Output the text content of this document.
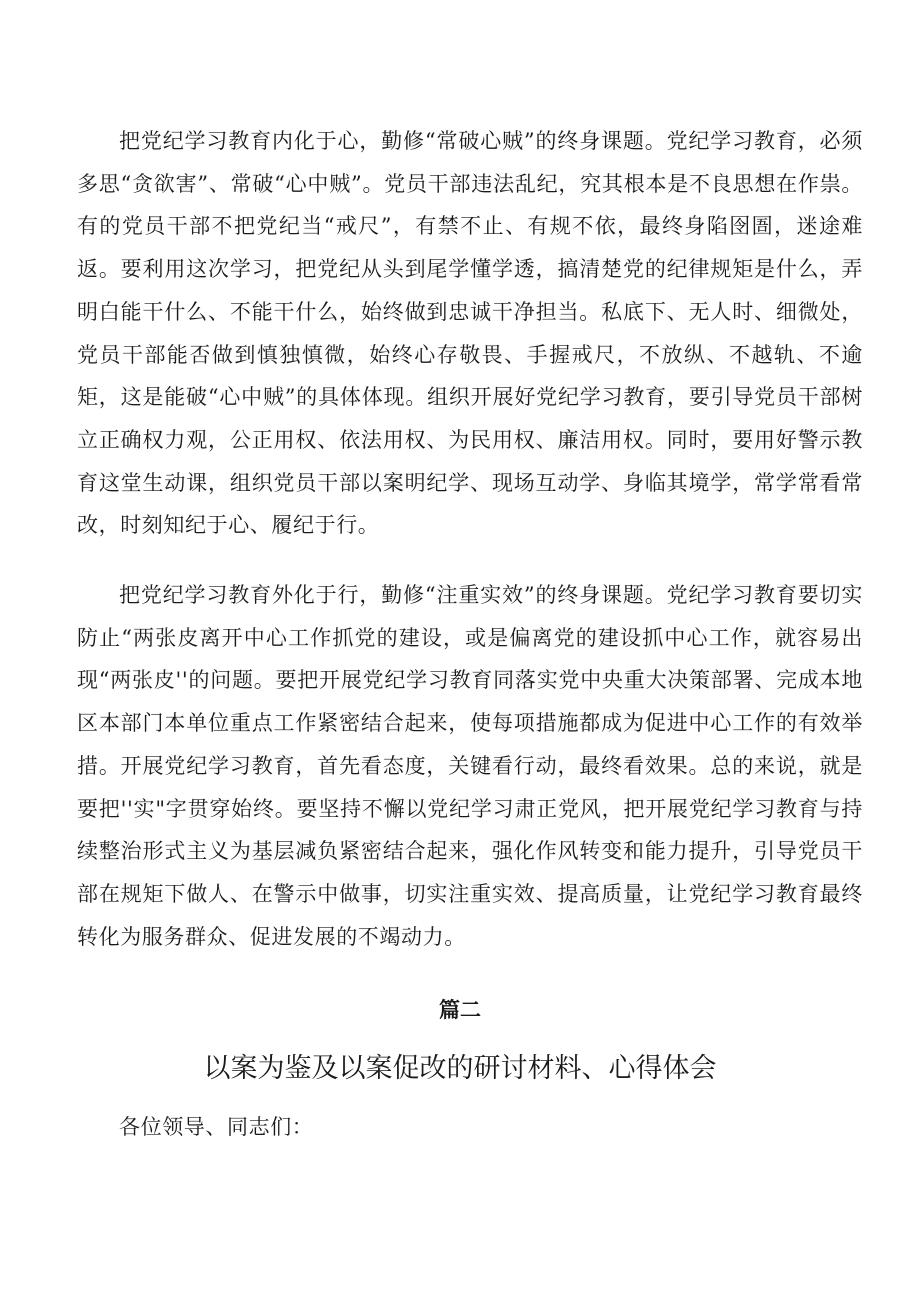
把党纪学习教育内化于心，勤修“常破心贼”的终身课题。党纪学习教育，必须多思“贪欲害”、常破“心中贼”。党员干部违法乱纪，究其根本是不良思想在作祟。有的党员干部不把党纪当“戒尺”，有禁不止、有规不依，最终身陷囹圄，迷途难返。要利用这次学习，把党纪从头到尾学懂学透，搞清楚党的纪律规矩是什么，弄明白能干什么、不能干什么，始终做到忠诚干净担当。私底下、无人时、细微处，党员干部能否做到慎独慎微，始终心存敬畏、手握戒尺，不放纵、不越轨、不逾矩，这是能破“心中贼”的具体体现。组织开展好党纪学习教育，要引导党员干部树立正确权力观，公正用权、依法用权、为民用权、廉洁用权。同时，要用好警示教育这堂生动课，组织党员干部以案明纪学、现场互动学、身临其境学，常学常看常改，时刻知纪于心、履纪于行。

把党纪学习教育外化于行，勤修“注重实效”的终身课题。党纪学习教育要切实防止“两张皮离开中心工作抓党的建设，或是偏离党的建设抓中心工作，就容易出现“两张皮''的问题。要把开展党纪学习教育同落实党中央重大决策部署、完成本地区本部门本单位重点工作紧密结合起来，使每项措施都成为促进中心工作的有效举措。开展党纪学习教育，首先看态度，关键看行动，最终看效果。总的来说，就是要把''实"字贯穿始终。要坚持不懈以党纪学习肃正党风，把开展党纪学习教育与持续整治形式主义为基层减负紧密结合起来，强化作风转变和能力提升，引导党员干部在规矩下做人、在警示中做事，切实注重实效、提高质量，让党纪学习教育最终转化为服务群众、促进发展的不竭动力。

篇二
以案为鉴及以案促改的研讨材料、心得体会
各位领导、同志们：
